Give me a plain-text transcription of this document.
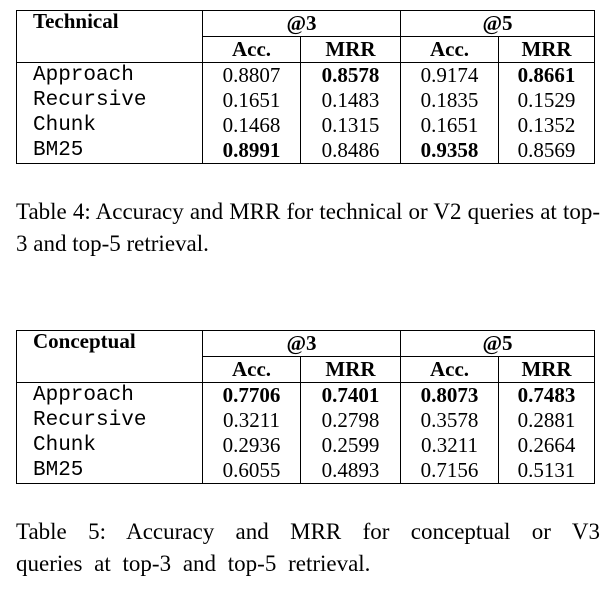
Technical	@3		@5	
	Acc.	MRR	Acc.	MRR
Approach	0.8807	0.8578	0.9174	0.8661
Recursive	0.1651	0.1483	0.1835	0.1529
Chunk	0.1468	0.1315	0.1651	0.1352
BM25	0.8991	0.8486	0.9358	0.8569
Table 4: Accuracy and MRR for technical or V2 queries at top-3 and top-5 retrieval.
Conceptual	@3		@5	
	Acc.	MRR	Acc.	MRR
Approach	0.7706	0.7401	0.8073	0.7483
Recursive	0.3211	0.2798	0.3578	0.2881
Chunk	0.2936	0.2599	0.3211	0.2664
BM25	0.6055	0.4893	0.7156	0.5131
Table 5: Accuracy and MRR for conceptual or V3 queries at top-3 and top-5 retrieval.
